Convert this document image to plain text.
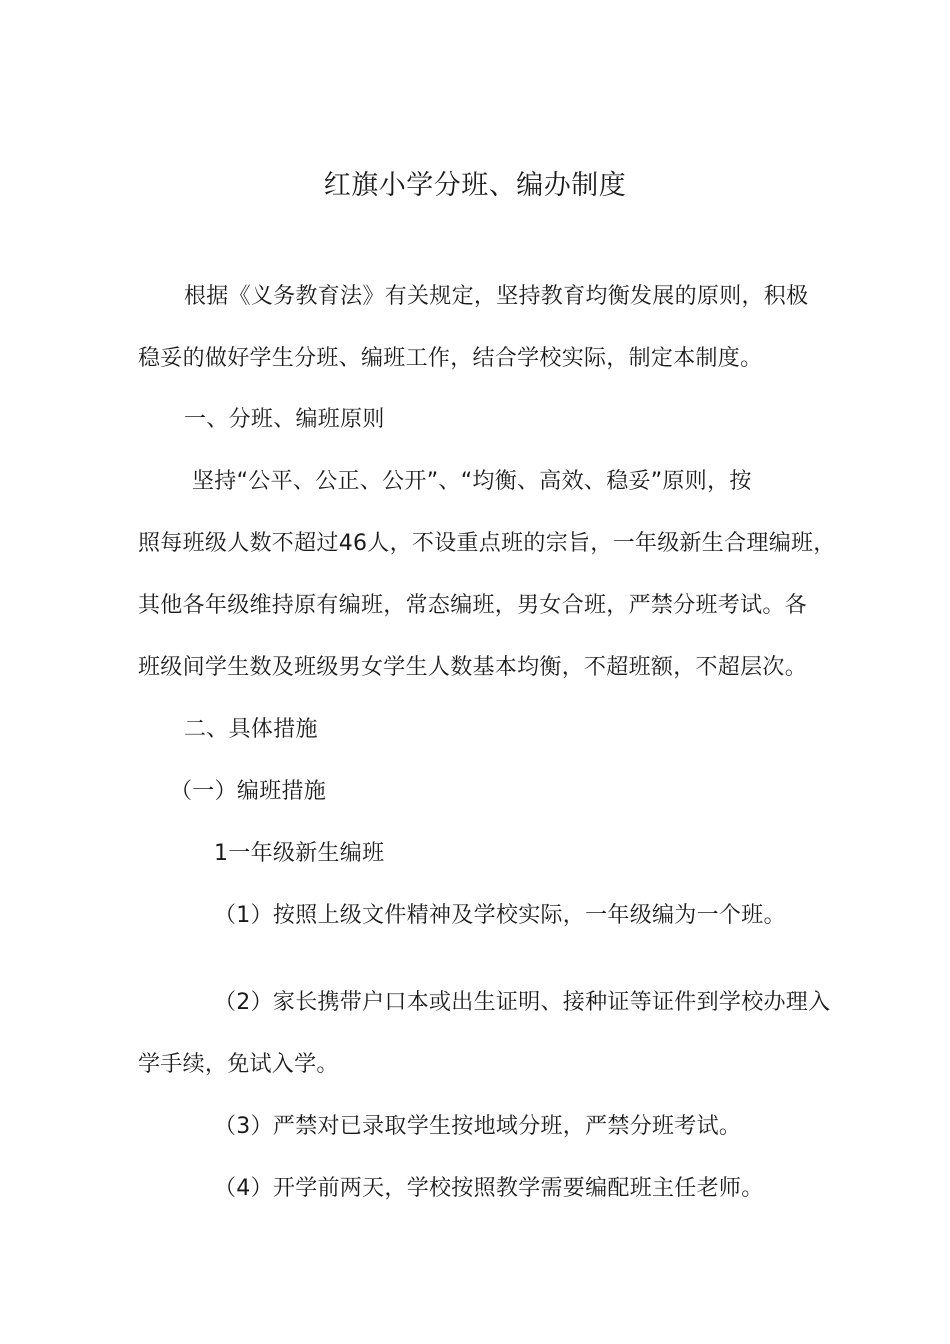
红旗小学分班、编办制度
根据《义务教育法》有关规定，坚持教育均衡发展的原则，积极
稳妥的做好学生分班、编班工作，结合学校实际，制定本制度。
一、分班、编班原则
坚持“公平、公正、公开”、“均衡、高效、稳妥”原则，按
照每班级人数不超过46人，不设重点班的宗旨，一年级新生合理编班，
其他各年级维持原有编班，常态编班，男女合班，严禁分班考试。各
班级间学生数及班级男女学生人数基本均衡，不超班额，不超层次。
二、具体措施
（一）编班措施
1一年级新生编班
（1）按照上级文件精神及学校实际，一年级编为一个班。
（2）家长携带户口本或出生证明、接种证等证件到学校办理入
学手续，免试入学。
（3）严禁对已录取学生按地域分班，严禁分班考试。
（4）开学前两天，学校按照教学需要编配班主任老师。
